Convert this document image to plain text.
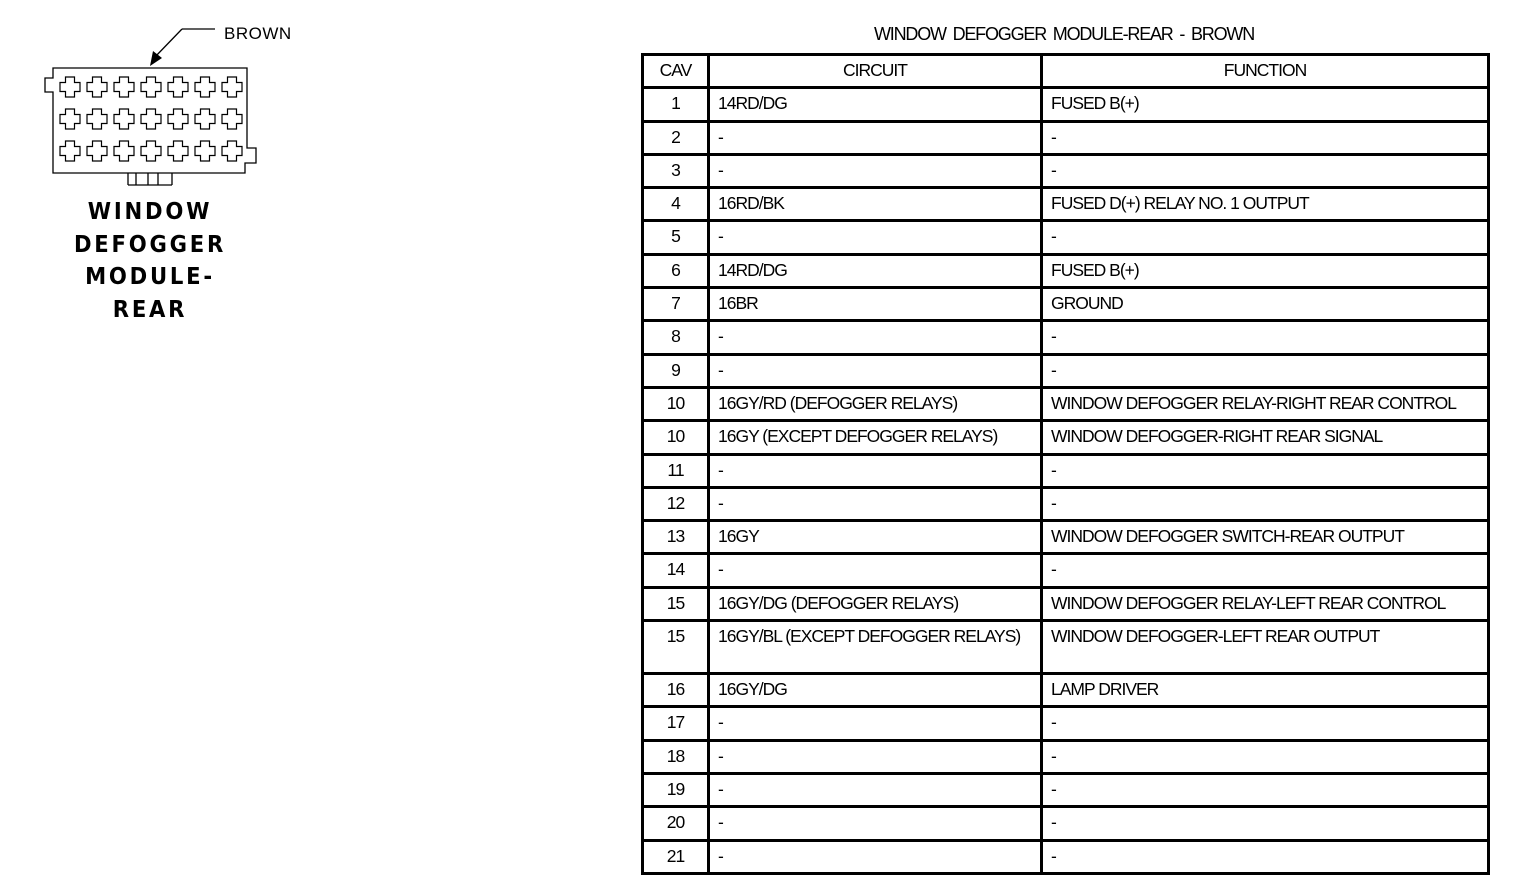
BROWN
WINDOW
DEFOGGER
MODULE-
REAR
WINDOW DEFOGGER MODULE-REAR - BROWN
CAV	CIRCUIT	FUNCTION
1	14RD/DG	FUSED B(+)
2	-	-
3	-	-
4	16RD/BK	FUSED D(+) RELAY NO. 1 OUTPUT
5	-	-
6	14RD/DG	FUSED B(+)
7	16BR	GROUND
8	-	-
9	-	-
10	16GY/RD (DEFOGGER RELAYS)	WINDOW DEFOGGER RELAY-RIGHT REAR CONTROL
10	16GY (EXCEPT DEFOGGER RELAYS)	WINDOW DEFOGGER-RIGHT REAR SIGNAL
11	-	-
12	-	-
13	16GY	WINDOW DEFOGGER SWITCH-REAR OUTPUT
14	-	-
15	16GY/DG (DEFOGGER RELAYS)	WINDOW DEFOGGER RELAY-LEFT REAR CONTROL
15	16GY/BL (EXCEPT DEFOGGER RELAYS)	WINDOW DEFOGGER-LEFT REAR OUTPUT
16	16GY/DG	LAMP DRIVER
17	-	-
18	-	-
19	-	-
20	-	-
21	-	-
